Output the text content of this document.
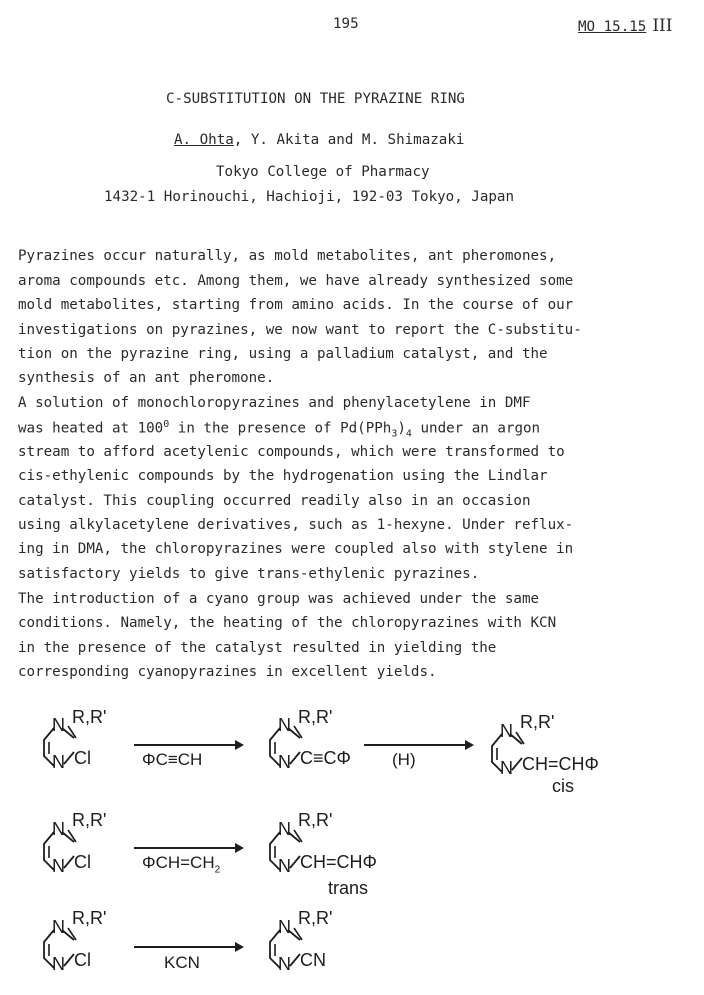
195	MO 15.15 III
C-SUBSTITUTION ON THE PYRAZINE RING
A. Ohta, Y. Akita and M. Shimazaki
Tokyo College of Pharmacy
1432-1 Horinouchi, Hachioji, 192-03 Tokyo, Japan
Pyrazines occur naturally, as mold metabolites, ant pheromones,
aroma compounds etc. Among them, we have already synthesized some
mold metabolites, starting from amino acids. In the course of our
investigations on pyrazines, we now want to report the C-substitu-
tion on the pyrazine ring, using a palladium catalyst, and the
synthesis of an ant pheromone.
A solution of monochloropyrazines and phenylacetylene in DMF
was heated at $100^0$ in the presence of $Pd(PPh_3)_4$ under an argon
stream to afford acetylenic compounds, which were transformed to
cis-ethylenic compounds by the hydrogenation using the Lindlar
catalyst. This coupling occurred readily also in an occasion
using alkylacetylene derivatives, such as 1-hexyne. Under reflux-
ing in DMA, the chloropyrazines were coupled also with stylene in
satisfactory yields to give trans-ethylenic pyrazines.
The introduction of a cyano group was achieved under the same
conditions. Namely, the heating of the chloropyrazines with KCN
in the presence of the catalyst resulted in yielding the
corresponding cyanopyrazines in excellent yields.
N
N
R,R'
Cl	ΦC≡CH
N
N
R,R'
C≡CΦ (H)
N
N
R,R'
CH=CHΦ
cis
N
N
R,R'
Cl	$\Phi CH=CH_2$
N
N
R,R'
CH=CHΦ
trans
N
N
R,R'
Cl	KCN
N
N
R,R'
CN
